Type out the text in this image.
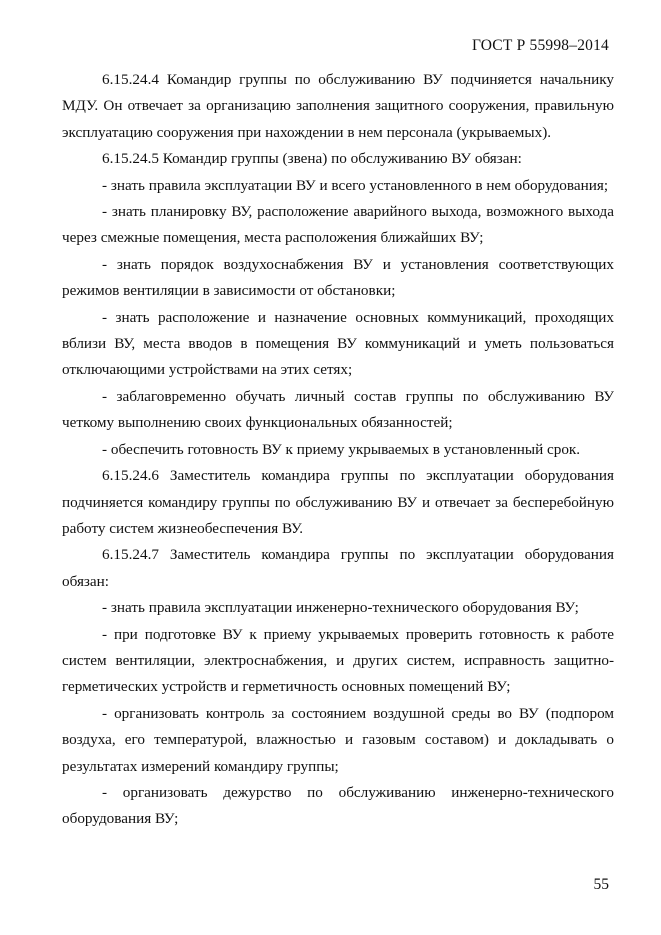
ГОСТ Р 55998–2014

6.15.24.4 Командир группы по обслуживанию ВУ подчиняется начальнику МДУ. Он отвечает за организацию заполнения защитного сооружения, правильную эксплуатацию сооружения при нахождении в нем персонала (укрываемых).

6.15.24.5 Командир группы (звена) по обслуживанию ВУ обязан:

- знать правила эксплуатации ВУ и всего установленного в нем оборудования;

- знать планировку ВУ, расположение аварийного выхода, возможного выхода через смежные помещения, места расположения ближайших ВУ;

- знать порядок воздухоснабжения ВУ и установления соответствующих режимов вентиляции в зависимости от обстановки;

- знать расположение и назначение основных коммуникаций, проходящих вблизи ВУ, места вводов в помещения ВУ коммуникаций и уметь пользоваться отключающими устройствами на этих сетях;

- заблаговременно обучать личный состав группы по обслуживанию ВУ четкому выполнению своих функциональных обязанностей;

- обеспечить готовность ВУ к приему укрываемых в установленный срок.

6.15.24.6 Заместитель командира группы по эксплуатации оборудования подчиняется командиру группы по обслуживанию ВУ и отвечает за бесперебойную работу систем жизнеобеспечения ВУ.

6.15.24.7 Заместитель командира группы по эксплуатации оборудования обязан:

- знать правила эксплуатации инженерно-технического оборудования ВУ;

- при подготовке ВУ к приему укрываемых проверить готовность к работе систем вентиляции, электроснабжения, и других систем, исправность защитно-герметических устройств и герметичность основных помещений ВУ;

- организовать контроль за состоянием воздушной среды во ВУ (подпором воздуха, его температурой, влажностью и газовым составом) и докладывать о результатах измерений командиру группы;

- организовать дежурство по обслуживанию инженерно-технического оборудования ВУ;

55
